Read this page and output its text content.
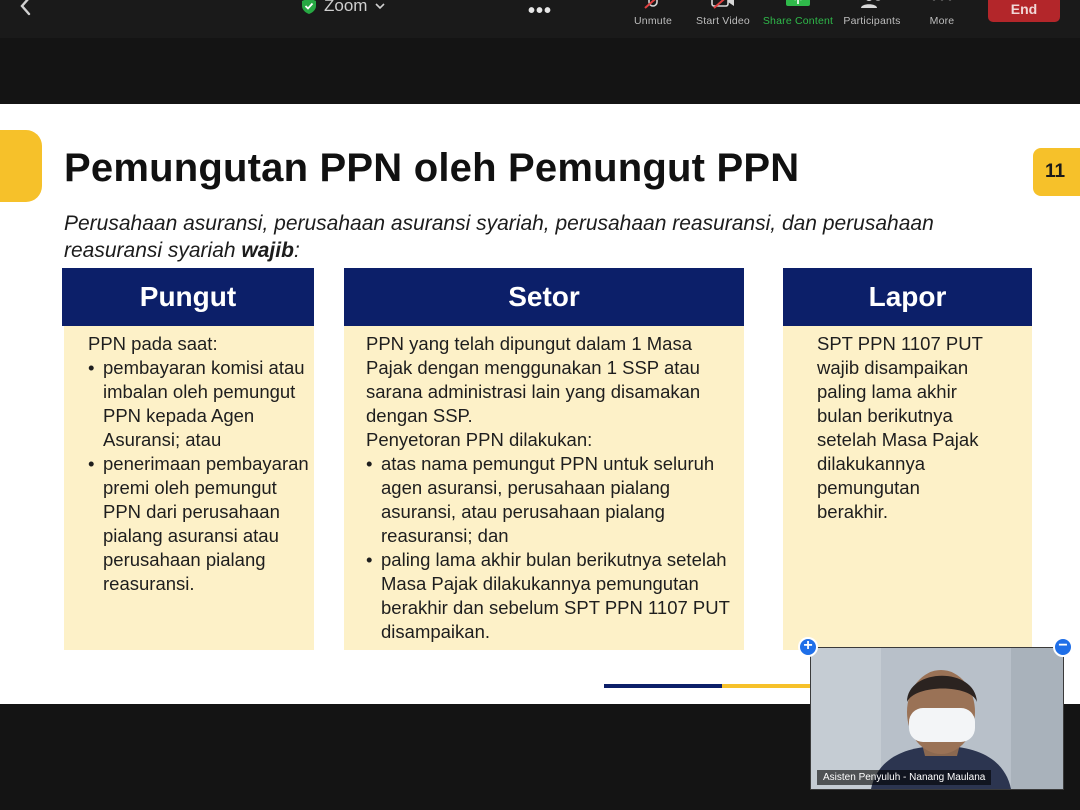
Zoom	•••	Unmute Start Video Share Content Participants	More
End
11
Pemungutan PPN oleh Pemungut PPN

Perusahaan asuransi, perusahaan asuransi syariah, perusahaan reasuransi, dan perusahaan reasuransi syariah wajib:

Pungut

PPN pada saat:

• pembayaran komisi atau imbalan oleh pemungut PPN kepada Agen Asuransi; atau
• penerimaan pembayaran premi oleh pemungut PPN dari perusahaan pialang asuransi atau perusahaan pialang reasuransi.
Setor

PPN yang telah dipungut dalam 1 Masa Pajak dengan menggunakan 1 SSP atau sarana administrasi lain yang disamakan dengan SSP.

Penyetoran PPN dilakukan:

• atas nama pemungut PPN untuk seluruh agen asuransi, perusahaan pialang asuransi, atau perusahaan pialang reasuransi; dan
• paling lama akhir bulan berikutnya setelah Masa Pajak dilakukannya pemungutan berakhir dan sebelum SPT PPN 1107 PUT disampaikan.
Lapor

SPT PPN 1107 PUT wajib disampaikan paling lama akhir bulan berikutnya setelah Masa Pajak dilakukannya pemungutan berakhir.

Asisten Penyuluh - Nanang Maulana
+	−
